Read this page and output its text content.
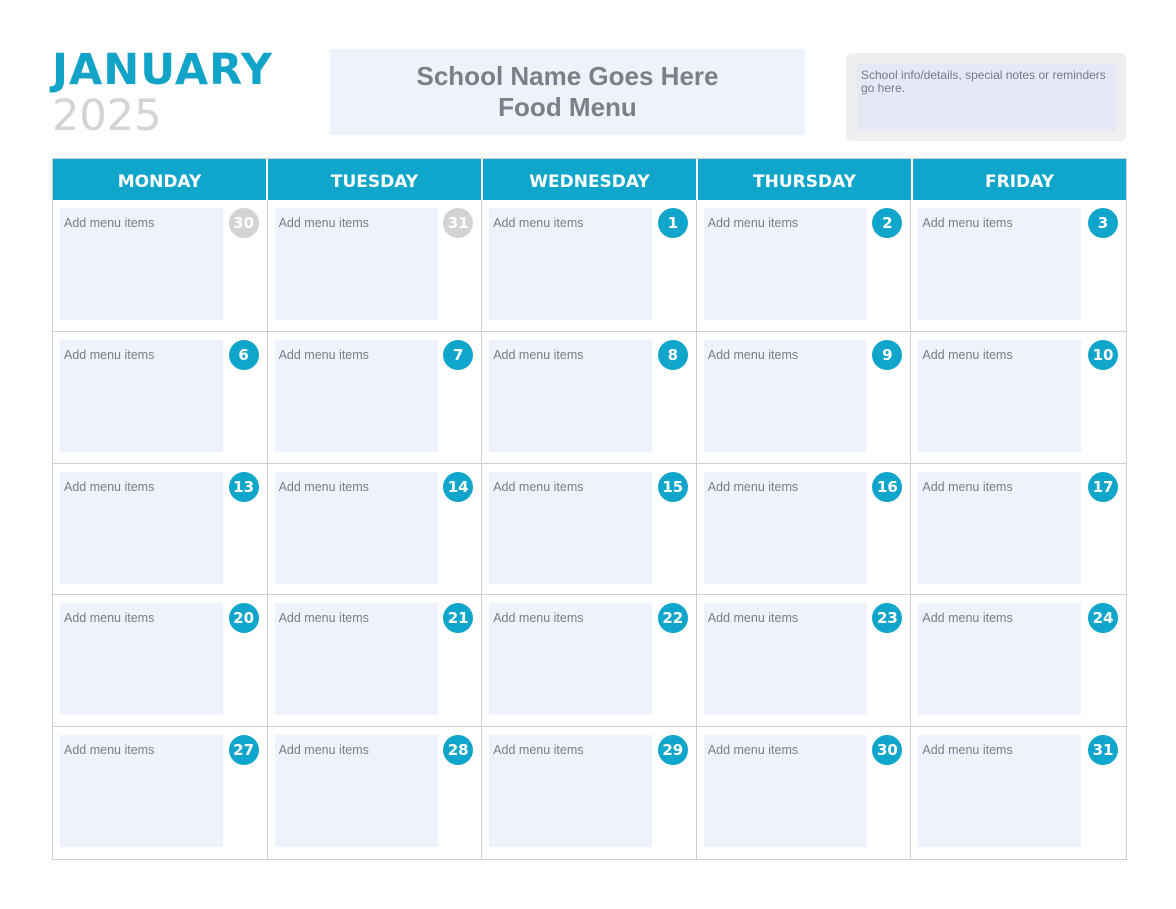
JANUARY
2025
School Name Goes Here
Food Menu
School info/details, special notes or reminders go here.
MONDAY	TUESDAY	WEDNESDAY	THURSDAY	FRIDAY
Add menu items	30	Add menu items	31	Add menu items	1	Add menu items	2	Add menu items	3
Add menu items	6	Add menu items	7	Add menu items	8	Add menu items	9	Add menu items	10
Add menu items	13	Add menu items	14	Add menu items	15	Add menu items	16	Add menu items	17
Add menu items	20	Add menu items	21	Add menu items	22	Add menu items	23	Add menu items	24
Add menu items	27	Add menu items	28	Add menu items	29	Add menu items	30	Add menu items	31
